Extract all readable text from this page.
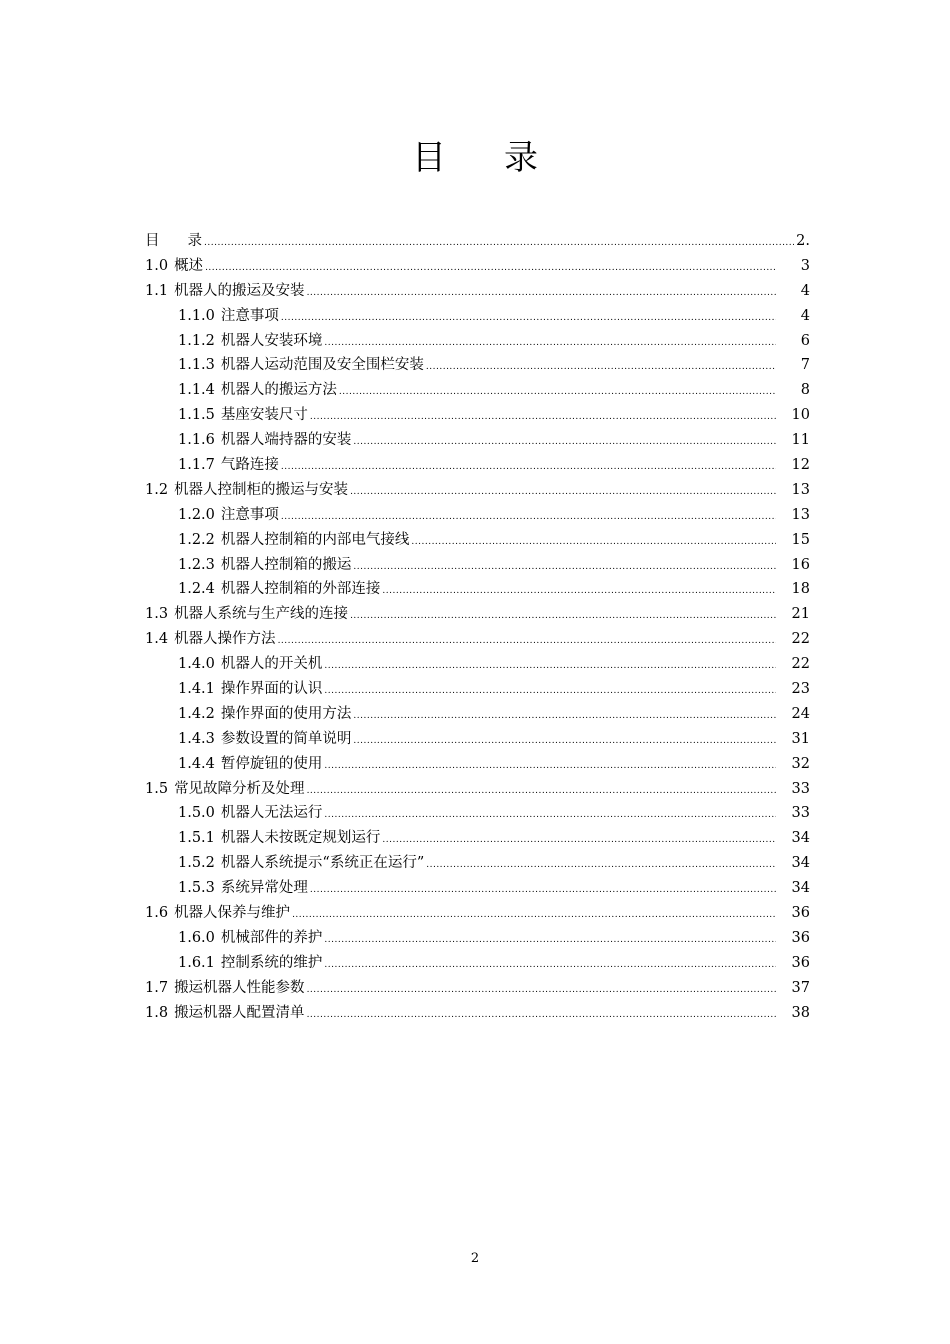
目 录
目 录 .....	2.
1.0 概述 .....	3
1.1 机器人的搬运及安装 .....	4
1.1.0 注意事项 .....	4
1.1.2 机器人安装环境 .....	6
1.1.3 机器人运动范围及安全围栏安装 .....	7
1.1.4 机器人的搬运方法 .....	8
1.1.5 基座安装尺寸 .....	10
1.1.6 机器人端持器的安装 .....	11
1.1.7 气路连接 .....	12
1.2 机器人控制柜的搬运与安装 .....	13
1.2.0 注意事项 .....	13
1.2.2 机器人控制箱的内部电气接线 .....	15
1.2.3 机器人控制箱的搬运 .....	16
1.2.4 机器人控制箱的外部连接 .....	18
1.3 机器人系统与生产线的连接 .....	21
1.4 机器人操作方法 .....	22
1.4.0 机器人的开关机 .....	22
1.4.1 操作界面的认识 .....	23
1.4.2 操作界面的使用方法 .....	24
1.4.3 参数设置的简单说明 .....	31
1.4.4 暂停旋钮的使用 .....	32
1.5 常见故障分析及处理 .....	33
1.5.0 机器人无法运行 .....	33
1.5.1 机器人未按既定规划运行 .....	34
1.5.2 机器人系统提示“系统正在运行” .....	34
1.5.3 系统异常处理 .....	34
1.6 机器人保养与维护 .....	36
1.6.0 机械部件的养护 .....	36
1.6.1 控制系统的维护 .....	36
1.7 搬运机器人性能参数 .....	37
1.8 搬运机器人配置清单 .....	38
2
